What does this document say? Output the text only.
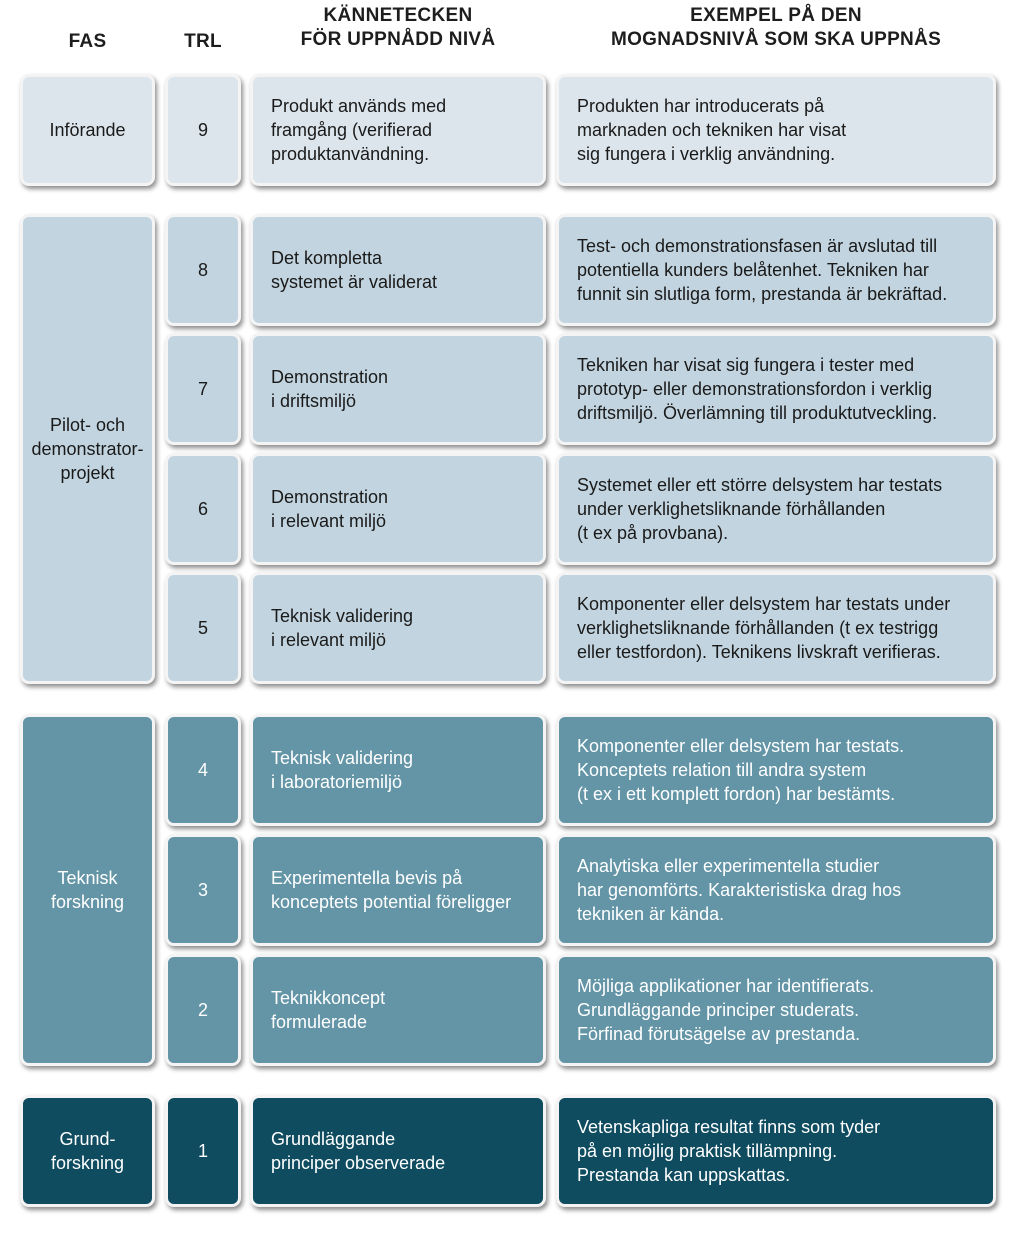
FAS	TRL
KÄNNETECKEN
FÖR UPPNÅDD NIVÅ
EXEMPEL PÅ DEN
MOGNADSNIVÅ SOM SKA UPPNÅS
Införande
Pilot- och
demonstrator-
projekt
Teknisk
forskning
Grund-
forskning
9
Produkt används med
framgång (verifierad
produktanvändning.
Produkten har introducerats på
marknaden och tekniken har visat
sig fungera i verklig användning.
8
Det kompletta
systemet är validerat
Test- och demonstrationsfasen är avslutad till
potentiella kunders belåtenhet. Tekniken har
funnit sin slutliga form, prestanda är bekräftad.
7
Demonstration
i driftsmiljö
Tekniken har visat sig fungera i tester med
prototyp- eller demonstrationsfordon i verklig
driftsmiljö. Överlämning till produktutveckling.
6
Demonstration
i relevant miljö
Systemet eller ett större delsystem har testats
under verklighetsliknande förhållanden
(t ex på provbana).
5
Teknisk validering
i relevant miljö
Komponenter eller delsystem har testats under
verklighetsliknande förhållanden (t ex testrigg
eller testfordon). Teknikens livskraft verifieras.
4
Teknisk validering
i laboratoriemiljö
Komponenter eller delsystem har testats.
Konceptets relation till andra system
(t ex i ett komplett fordon) har bestämts.
3
Experimentella bevis på
konceptets potential föreligger
Analytiska eller experimentella studier
har genomförts. Karakteristiska drag hos
tekniken är kända.
2
Teknikkoncept
formulerade
Möjliga applikationer har identifierats.
Grundläggande principer studerats.
Förfinad förutsägelse av prestanda.
1
Grundläggande
principer observerade
Vetenskapliga resultat finns som tyder
på en möjlig praktisk tillämpning.
Prestanda kan uppskattas.
